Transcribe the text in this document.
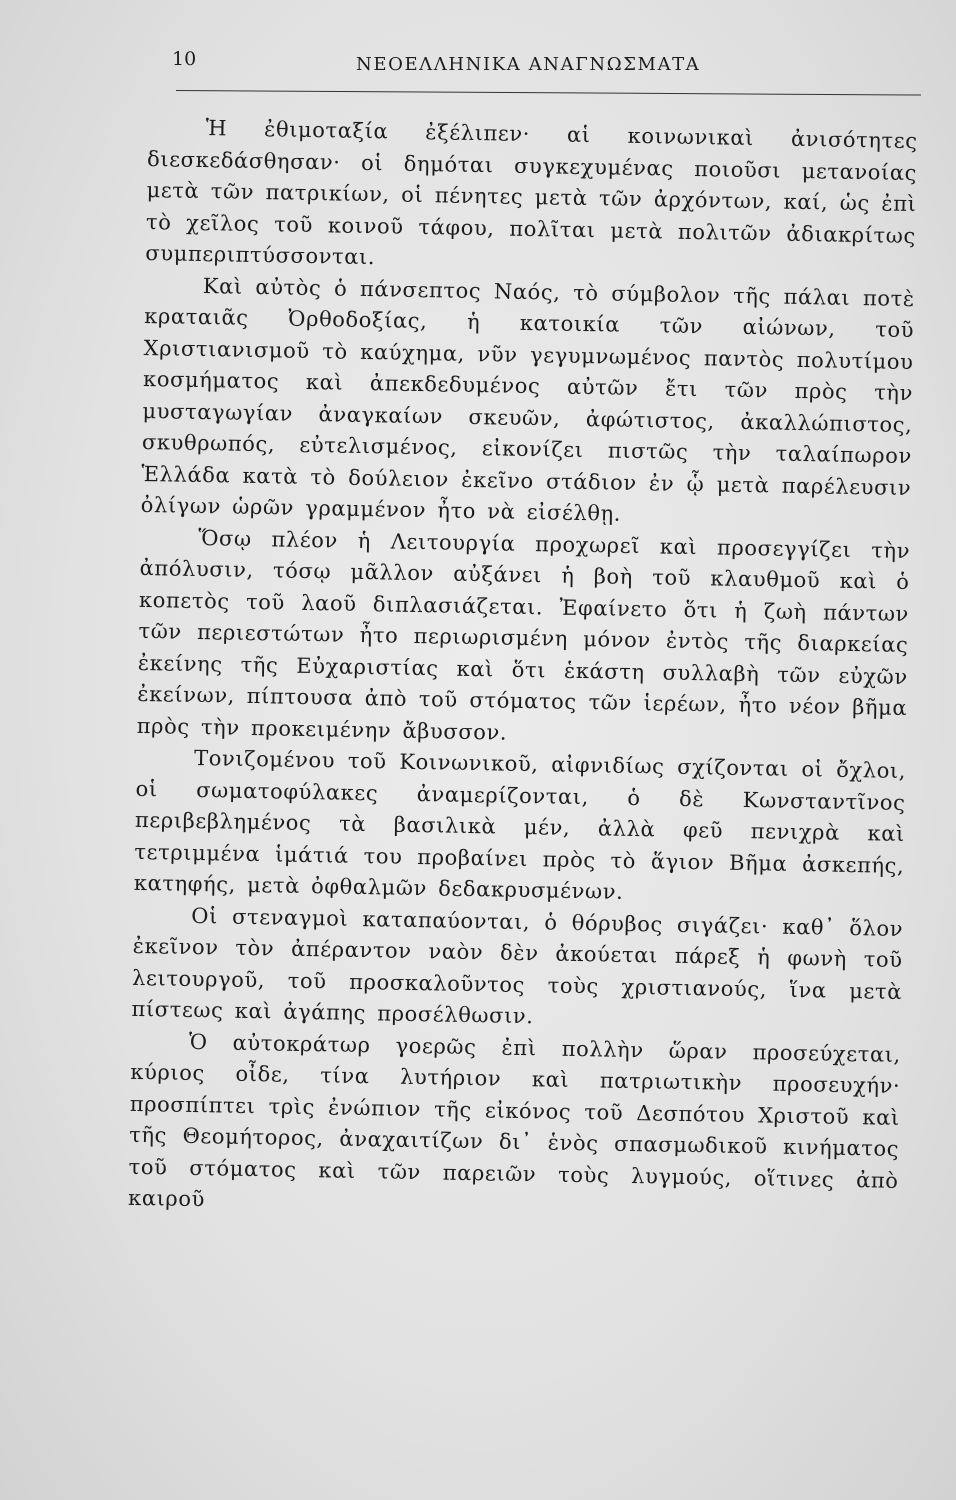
10	ΝΕΟΕΛΛΗΝΙΚΑ ΑΝΑΓΝΩΣΜΑΤΑ

Ἡ ἐθιμοταξία ἐξέλιπεν· αἱ κοινωνικαὶ ἀνισότητες διεσκεδάσθησαν· οἱ δημόται συγκεχυμένας ποιοῦσι μετανοίας μετὰ τῶν πατρικίων, οἱ πένητες μετὰ τῶν ἀρχόντων, καί, ὡς ἐπὶ τὸ χεῖλος τοῦ κοινοῦ τάφου, πολῖται μετὰ πολιτῶν ἀδιακρίτως συμπεριπτύσσονται.

Καὶ αὐτὸς ὁ πάνσεπτος Ναός, τὸ σύμβολον τῆς πάλαι ποτὲ κραταιᾶς Ὀρθοδοξίας, ἡ κατοικία τῶν αἰώνων, τοῦ Χριστιανισμοῦ τὸ καύχημα, νῦν γεγυμνωμένος παντὸς πολυτίμου κοσμήματος καὶ ἀπεκδεδυμένος αὐτῶν ἔτι τῶν πρὸς τὴν μυσταγωγίαν ἀναγκαίων σκευῶν, ἀφώτιστος, ἀκαλλώπιστος, σκυθρωπός, εὐτελισμένος, εἰκονίζει πιστῶς τὴν ταλαίπωρον Ἑλλάδα κατὰ τὸ δούλειον ἐκεῖνο στάδιον ἐν ᾧ μετὰ παρέλευσιν ὀλίγων ὡρῶν γραμμένον ἦτο νὰ εἰσέλθῃ.

Ὅσῳ πλέον ἡ Λειτουργία προχωρεῖ καὶ προσεγγίζει τὴν ἀπόλυσιν, τόσῳ μᾶλλον αὐξάνει ἡ βοὴ τοῦ κλαυθμοῦ καὶ ὁ κοπετὸς τοῦ λαοῦ διπλασιάζεται. Ἐφαίνετο ὅτι ἡ ζωὴ πάντων τῶν περιεστώτων ἦτο περιωρισμένη μόνον ἐντὸς τῆς διαρκείας ἐκείνης τῆς Εὐχαριστίας καὶ ὅτι ἑκάστη συλλαβὴ τῶν εὐχῶν ἐκείνων, πίπτουσα ἀπὸ τοῦ στόματος τῶν ἱερέων, ἦτο νέον βῆμα πρὸς τὴν προκειμένην ἄβυσσον.

Τονιζομένου τοῦ Κοινωνικοῦ, αἰφνιδίως σχίζονται οἱ ὄχλοι, οἱ σωματοφύλακες ἀναμερίζονται, ὁ δὲ Κωνσταντῖνος περιβεβλημένος τὰ βασιλικὰ μέν, ἀλλὰ φεῦ πενιχρὰ καὶ τετριμμένα ἱμάτιά του προβαίνει πρὸς τὸ ἅγιον Βῆμα ἀσκεπής, κατηφής, μετὰ ὀφθαλμῶν δεδακρυσμένων.

Οἱ στεναγμοὶ καταπαύονται, ὁ θόρυβος σιγάζει· καθ᾽ ὅλον ἐκεῖνον τὸν ἀπέραντον ναὸν δὲν ἀκούεται πάρεξ ἡ φωνὴ τοῦ λειτουργοῦ, τοῦ προσκαλοῦντος τοὺς χριστιανούς, ἵνα μετὰ πίστεως καὶ ἀγάπης προσέλθωσιν.

Ὁ αὐτοκράτωρ γοερῶς ἐπὶ πολλὴν ὥραν προσεύχεται, κύριος οἶδε, τίνα λυτήριον καὶ πατριωτικὴν προσευχήν· προσπίπτει τρὶς ἐνώπιον τῆς εἰκόνος τοῦ Δεσπότου Χριστοῦ καὶ τῆς Θεομήτορος, ἀναχαιτίζων δι᾽ ἑνὸς σπασμωδικοῦ κινήματος τοῦ στόματος καὶ τῶν παρειῶν τοὺς λυγμούς, οἵτινες ἀπὸ καιροῦ
